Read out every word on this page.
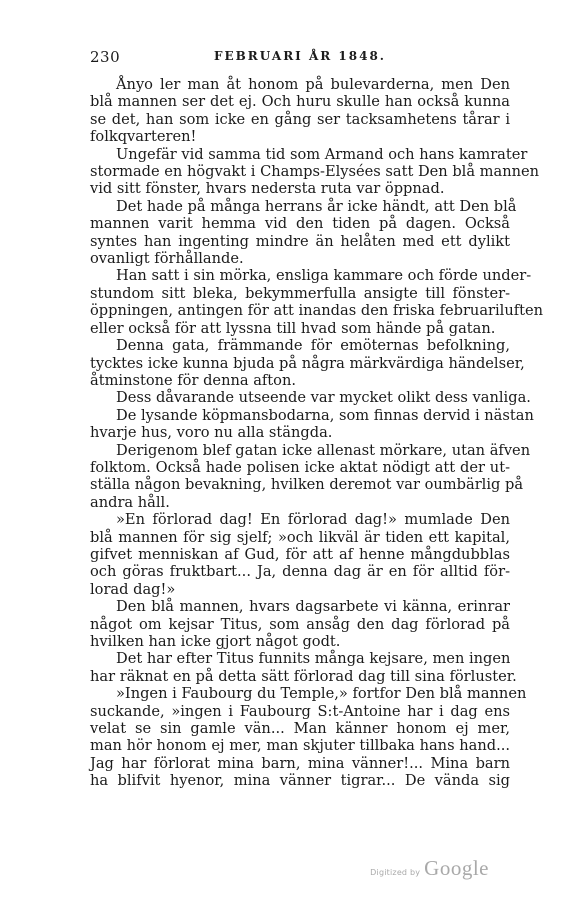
230	FEBRUARI ÅR 1848.
Ånyo ler man åt honom på bulevarderna, men Den
blå mannen ser det ej. Och huru skulle han också kunna
se det, han som icke en gång ser tacksamhetens tårar i
folkqvarteren!
Ungefär vid samma tid som Armand och hans kamrater
stormade en högvakt i Champs-Elysées satt Den blå mannen
vid sitt fönster, hvars nedersta ruta var öppnad.
Det hade på många herrans år icke händt, att Den blå
mannen varit hemma vid den tiden på dagen. Också
syntes han ingenting mindre än helåten med ett dylikt
ovanligt förhållande.
Han satt i sin mörka, ensliga kammare och förde under-
stundom sitt bleka, bekymmerfulla ansigte till fönster-
öppningen, antingen för att inandas den friska februariluften
eller också för att lyssna till hvad som hände på gatan.
Denna gata, främmande för emöternas befolkning,
tycktes icke kunna bjuda på några märkvärdiga händelser,
åtminstone för denna afton.
Dess dåvarande utseende var mycket olikt dess vanliga.
De lysande köpmansbodarna, som finnas dervid i nästan
hvarje hus, voro nu alla stängda.
Derigenom blef gatan icke allenast mörkare, utan äfven
folktom. Också hade polisen icke aktat nödigt att der ut-
ställa någon bevakning, hvilken deremot var oumbärlig på
andra håll.
»En förlorad dag! En förlorad dag!» mumlade Den
blå mannen för sig sjelf; »och likväl är tiden ett kapital,
gifvet menniskan af Gud, för att af henne mångdubblas
och göras fruktbart... Ja, denna dag är en för alltid för-
lorad dag!»
Den blå mannen, hvars dagsarbete vi känna, erinrar
något om kejsar Titus, som ansåg den dag förlorad på
hvilken han icke gjort något godt.
Det har efter Titus funnits många kejsare, men ingen
har räknat en på detta sätt förlorad dag till sina förluster.
»Ingen i Faubourg du Temple,» fortfor Den blå mannen
suckande, »ingen i Faubourg S:t-Antoine har i dag ens
velat se sin gamle vän... Man känner honom ej mer,
man hör honom ej mer, man skjuter tillbaka hans hand...
Jag har förlorat mina barn, mina vänner!... Mina barn
ha blifvit hyenor, mina vänner tigrar... De vända sig
Digitized by Google
